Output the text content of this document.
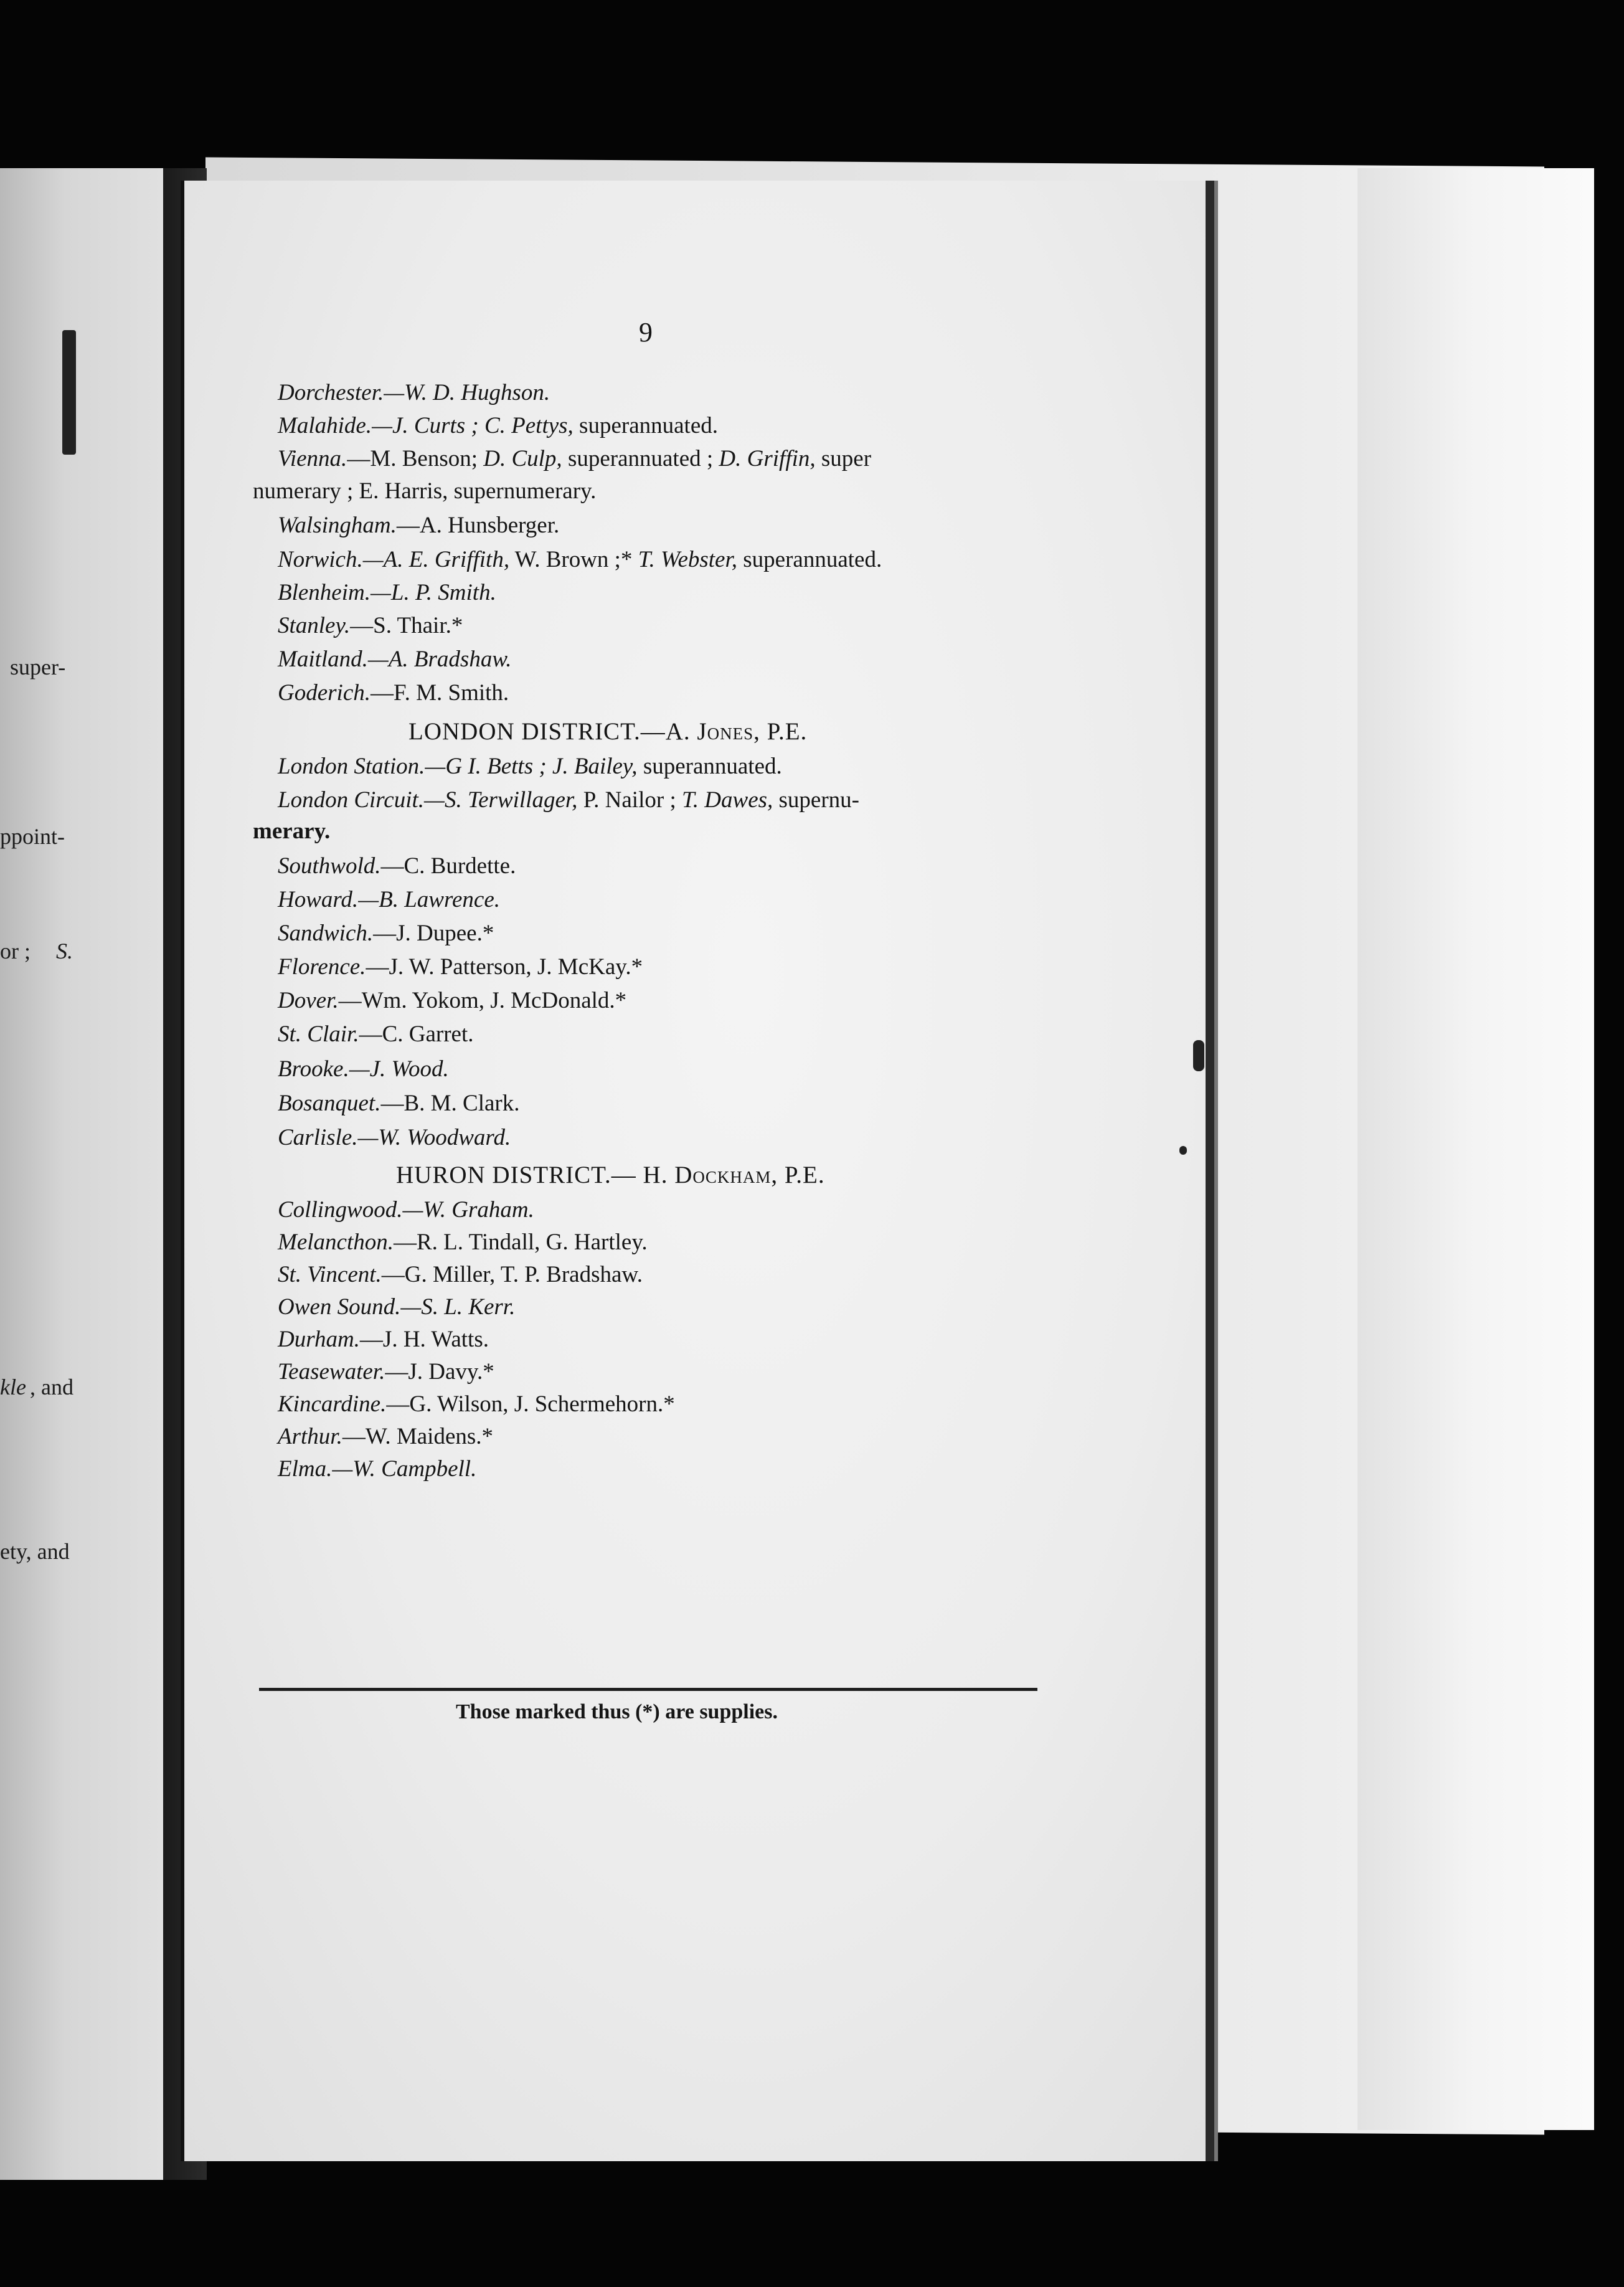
super-
ppoint-
or ; S.
kle , and
ety, and
9
Dorchester.—W. D. Hughson.
Malahide.—J. Curts ; C. Pettys, superannuated.
Vienna.—M. Benson; D. Culp, superannuated ; D. Griffin, super
numerary ; E. Harris, supernumerary.
Walsingham.—A. Hunsberger.
Norwich.—A. E. Griffith, W. Brown ;* T. Webster, superannuated.
Blenheim.—L. P. Smith.
Stanley.—S. Thair.*
Maitland.—A. Bradshaw.
Goderich.—F. M. Smith.
LONDON DISTRICT.—A. Jones, P.E.
London Station.—G I. Betts ; J. Bailey, superannuated.
London Circuit.—S. Terwillager, P. Nailor ; T. Dawes, supernu-
merary.
Southwold.—C. Burdette.
Howard.—B. Lawrence.
Sandwich.—J. Dupee.*
Florence.—J. W. Patterson, J. McKay.*
Dover.—Wm. Yokom, J. McDonald.*
St. Clair.—C. Garret.
Brooke.—J. Wood.
Bosanquet.—B. M. Clark.
Carlisle.—W. Woodward.
HURON DISTRICT.— H. Dockham, P.E.
Collingwood.—W. Graham.
Melancthon.—R. L. Tindall, G. Hartley.
St. Vincent.—G. Miller, T. P. Bradshaw.
Owen Sound.—S. L. Kerr.
Durham.—J. H. Watts.
Teasewater.—J. Davy.*
Kincardine.—G. Wilson, J. Schermehorn.*
Arthur.—W. Maidens.*
Elma.—W. Campbell.
Those marked thus (*) are supplies.
